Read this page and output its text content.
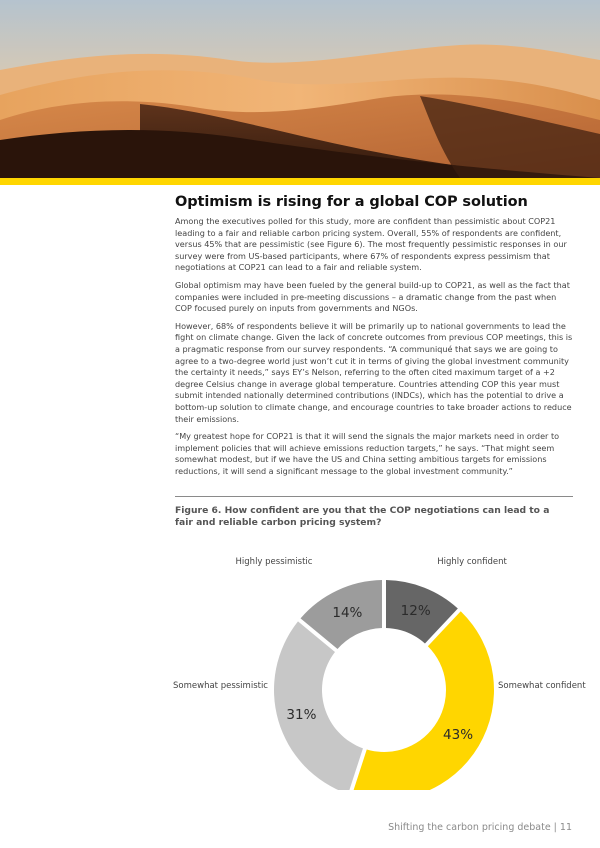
Optimism is rising for a global COP solution

Among the executives polled for this study, more are confident than pessimistic about COP21 leading to a fair and reliable carbon pricing system. Overall, 55% of respondents are confident, versus 45% that are pessimistic (see Figure 6). The most frequently pessimistic responses in our survey were from US-based participants, where 67% of respondents express pessimism that negotiations at COP21 can lead to a fair and reliable system.

Global optimism may have been fueled by the general build-up to COP21, as well as the fact that companies were included in pre-meeting discussions – a dramatic change from the past when COP focused purely on inputs from governments and NGOs.

However, 68% of respondents believe it will be primarily up to national governments to lead the fight on climate change. Given the lack of concrete outcomes from previous COP meetings, this is a pragmatic response from our survey respondents. “A communiqué that says we are going to agree to a two-degree world just won’t cut it in terms of giving the global investment community the certainty it needs,” says EY’s Nelson, referring to the often cited maximum target of a +2 degree Celsius change in average global temperature. Countries attending COP this year must submit intended nationally determined contributions (INDCs), which has the potential to drive a bottom-up solution to climate change, and encourage countries to take broader actions to reduce their emissions.

“My greatest hope for COP21 is that it will send the signals the major markets need in order to implement policies that will achieve emissions reduction targets,” he says. “That might seem somewhat modest, but if we have the US and China setting ambitious targets for emissions reductions, it will send a significant message to the global investment community.”

Figure 6. How confident are you that the COP negotiations can lead to a fair and reliable carbon pricing system?
12%
Highly confident
43%
Somewhat confident
31%
Somewhat pessimistic
14%
Highly pessimistic
Shifting the carbon pricing debate | 11
